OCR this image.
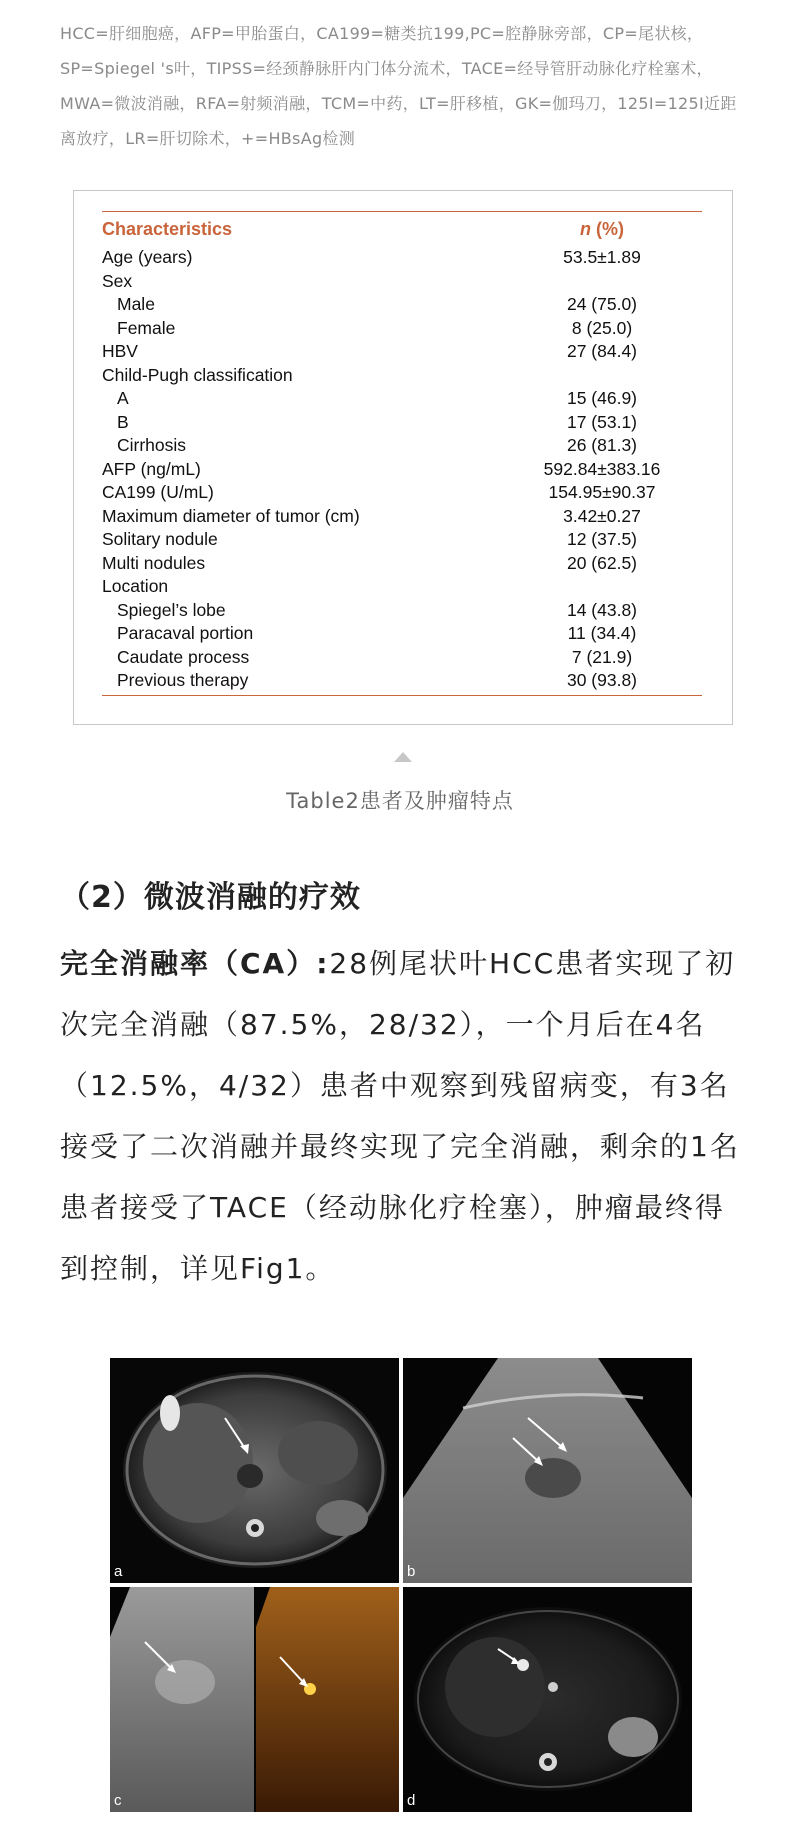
HCC=肝细胞癌，AFP=甲胎蛋白，CA199=糖类抗199,PC=腔静脉旁部，CP=尾状核，SP=Spiegel 's叶，TIPSS=经颈静脉肝内门体分流术，TACE=经导管肝动脉化疗栓塞术，MWA=微波消融，RFA=射频消融，TCM=中药，LT=肝移植，GK=伽玛刀，125I=125I近距离放疗，LR=肝切除术，+=HBsAg检测
Characteristics	n (%)
Age (years)	53.5±1.89
Sex
Male	24 (75.0)
Female	8 (25.0)
HBV	27 (84.4)
Child-Pugh classification
A	15 (46.9)
B	17 (53.1)
Cirrhosis	26 (81.3)
AFP (ng/mL)	592.84±383.16
CA199 (U/mL)	154.95±90.37
Maximum diameter of tumor (cm)	3.42±0.27
Solitary nodule	12 (37.5)
Multi nodules	20 (62.5)
Location
Spiegel’s lobe	14 (43.8)
Paracaval portion	11 (34.4)
Caudate process	7 (21.9)
Previous therapy	30 (93.8)
Table2患者及肿瘤特点
（2）微波消融的疗效
完全消融率（CA）:28例尾状叶HCC患者实现了初次完全消融（87.5%，28/32），一个月后在4名（12.5%，4/32）患者中观察到残留病变，有3名接受了二次消融并最终实现了完全消融，剩余的1名患者接受了TACE（经动脉化疗栓塞），肿瘤最终得到控制，详见Fig1。
a	b
c	d
